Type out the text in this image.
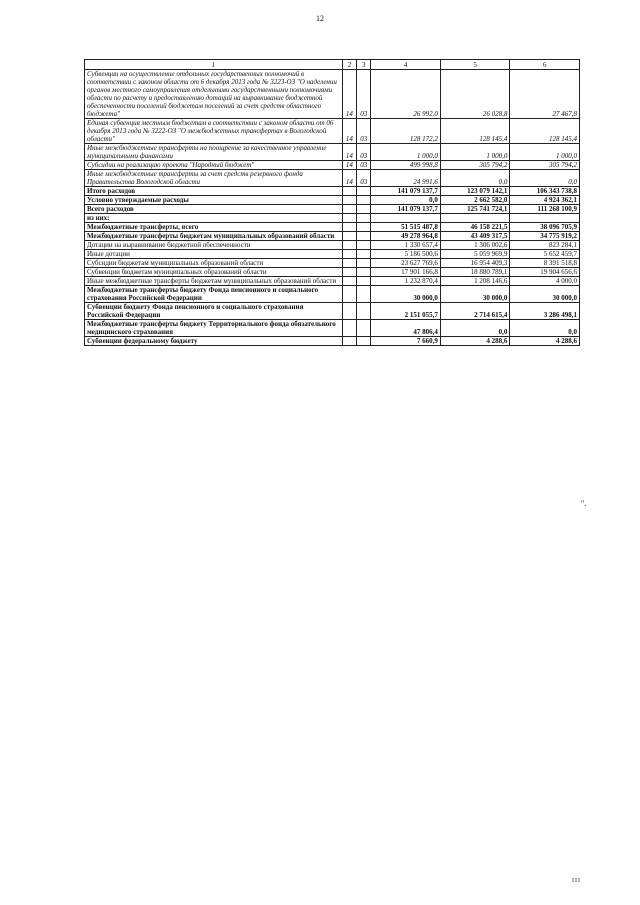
12
1	2	3	4	5	6
Субвенции на осуществление отдельных государственных полномочий в соответствии с законом области от 6 декабря 2013 года № 3223-ОЗ "О наделении органов местного самоуправления отдельными государственными полномочиями области по расчету и предоставлению дотаций на выравнивание бюджетной обеспеченности поселений бюджетам поселений за счет средств областного бюджета"	14	03	26 992,0	26 028,8	27 467,8
Единая субвенция местным бюджетам в соответствии с законом области от 06 декабря 2013 года № 3222-ОЗ "О межбюджетных трансфертах в Вологодской области"	14	03	128 172,2	128 145,4	128 145,4
Иные межбюджетные трансферты на поощрение за качественное управление муниципальными финансами	14	03	1 000,0	1 000,0	1 000,0
Субсидии на реализацию проекта "Народный бюджет"	14	03	499 998,8	305 794,2	305 794,2
Иные межбюджетные трансферты за счет средств резервного фонда Правительства Вологодской области	14	03	24 991,6	0,0	0,0
Итого расходов			141 079 137,7	123 079 142,1	106 343 738,8
Условно утверждаемые расходы			0,0	2 662 582,0	4 924 362,1
Всего расходов			141 079 137,7	125 741 724,1	111 268 100,9
из них:					
Межбюджетные трансферты, всего			51 515 487,8	46 158 221,5	38 096 705,9
Межбюджетные трансферты бюджетам муниципальных образований области			49 278 964,8	43 409 317,5	34 775 919,2
Дотации на выравнивание бюджетной обеспеченности			1 330 657,4	1 306 002,6	823 284,1
Иные дотации			5 186 500,6	5 059 969,9	5 652 459,7
Субсидии бюджетам муниципальных образований области			23 627 769,6	16 954 409,3	8 391 518,8
Субвенции бюджетам муниципальных образований области			17 901 166,8	18 880 789,1	19 904 656,6
Иные межбюджетные трансферты бюджетам муниципальных образований области			1 232 870,4	1 208 146,6	4 000,0
Межбюджетные трансферты бюджету Фонда пенсионного и социального страхования Российской Федерации			30 000,0	30 000,0	30 000,0
Субвенции бюджету Фонда пенсионного и социального страхования Российской Федерации			2 151 055,7	2 714 615,4	3 286 498,1
Межбюджетные трансферты бюджету Территориального фонда обязательного медицинского страхования			47 806,4	0,0	0,0
Субвенции федеральному бюджету			7 660,9	4 288,6	4 288,6
".
III
